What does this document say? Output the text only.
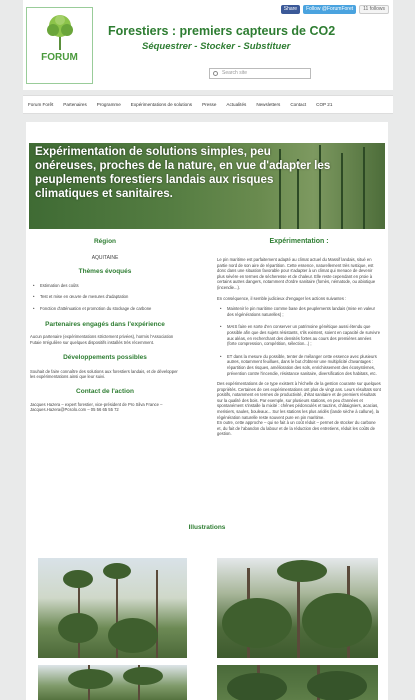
FORUM
Share	Follow @ForumForet	11 follows
Forestiers : premiers capteurs de CO2
Séquestrer - Stocker - Substituer
Search site
Forum Forêt	Partenaires	Programme	Expérimentations de solutions	Presse	Actualités	Newsletters	Contact	COP 21
Expérimentation de solutions simples, peu onéreuses, proches de la nature, en vue d'adapter les peuplements forestiers landais aux risques climatiques et sanitaires.
Région
AQUITAINE
Thèmes évoqués
• Estimation des coûts
• Test et mise en œuvre de mesures d'adaptation
• Fonction d'atténuation et promotion du stockage de carbone
Partenaires engagés dans l'expérience
Aucun partenaire (expérimentations strictement privées), hormis l'Association Futaie Irrégulière sur quelques dispositifs installés très récemment.
Développements possibles
Souhait de faire connaître des solutions aux forestiers landais, et de développer les expérimentations ainsi que leur suivi.
Contact de l'action
Jacques Hazera – expert forestier, vice-président de Pro Silva France – Jacques.Hazera@Pcsolo.com – 05 56 65 55 72
Expérimentation :
Le pin maritime est parfaitement adapté au climat actuel du Massif landais, situé en partie nord de son aire de répartition. Cette essence, naturellement très rustique, est donc dans une situation favorable pour s'adapter à un climat qui menace de devenir plus sévère en termes de sécheresse et de chaleur. Elle reste cependant en proie à certains autres dangers, notamment d'ordre sanitaire (fomès, nématode, ou abiotique (incendie...).
En conséquence, il semble judicieux d'engager les actions suivantes :
• Maintenir le pin maritime comme base des peuplements landais (mise en valeur des régénérations naturelles) ;
• MAIS faire en sorte d'en conserver un patrimoine génétique aussi étendu que possible afin que des sujets résistants, s'ils existent, soient en capacité de survivre aux aléas, en recherchant des densités fortes au cours des premières années (forte compression, compétition, sélection...) ;
• ET dans la mesure du possible, tenter de mélanger cette essence avec plusieurs autres, notamment feuillues, dans le but d'obtenir une multiplicité d'avantages : répartition des risques, amélioration des sols, enrichissement des écosystèmes, prévention contre l'incendie, résistance sanitaire, diversification des habitats, etc.
Des expérimentations de ce type existent à l'échelle de la gestion courante sur quelques propriétés. Certaines de ces expérimentations ont plus de vingt ans. Leurs résultats sont positifs, notamment en termes de productivité, d'état sanitaire et de premiers résultats sur la qualité des bois. Par exemple, sur plusieurs stations, en peu d'années et spontanément s'installe la mixité : chênes pédonculés et tauzins, châtaigniers, acacias, merisiers, saules, bouleaux... Sur les stations les plus aridés (lande sèche à callune), la régénération naturelle reste souvent pure en pin maritime.
En outre, cette approche – qui se fait à un coût réduit – permet de stocker du carbone et, du fait de l'abandon du labour et de la réduction des entretiens, réduit les coûts de gestion.
Illustrations
